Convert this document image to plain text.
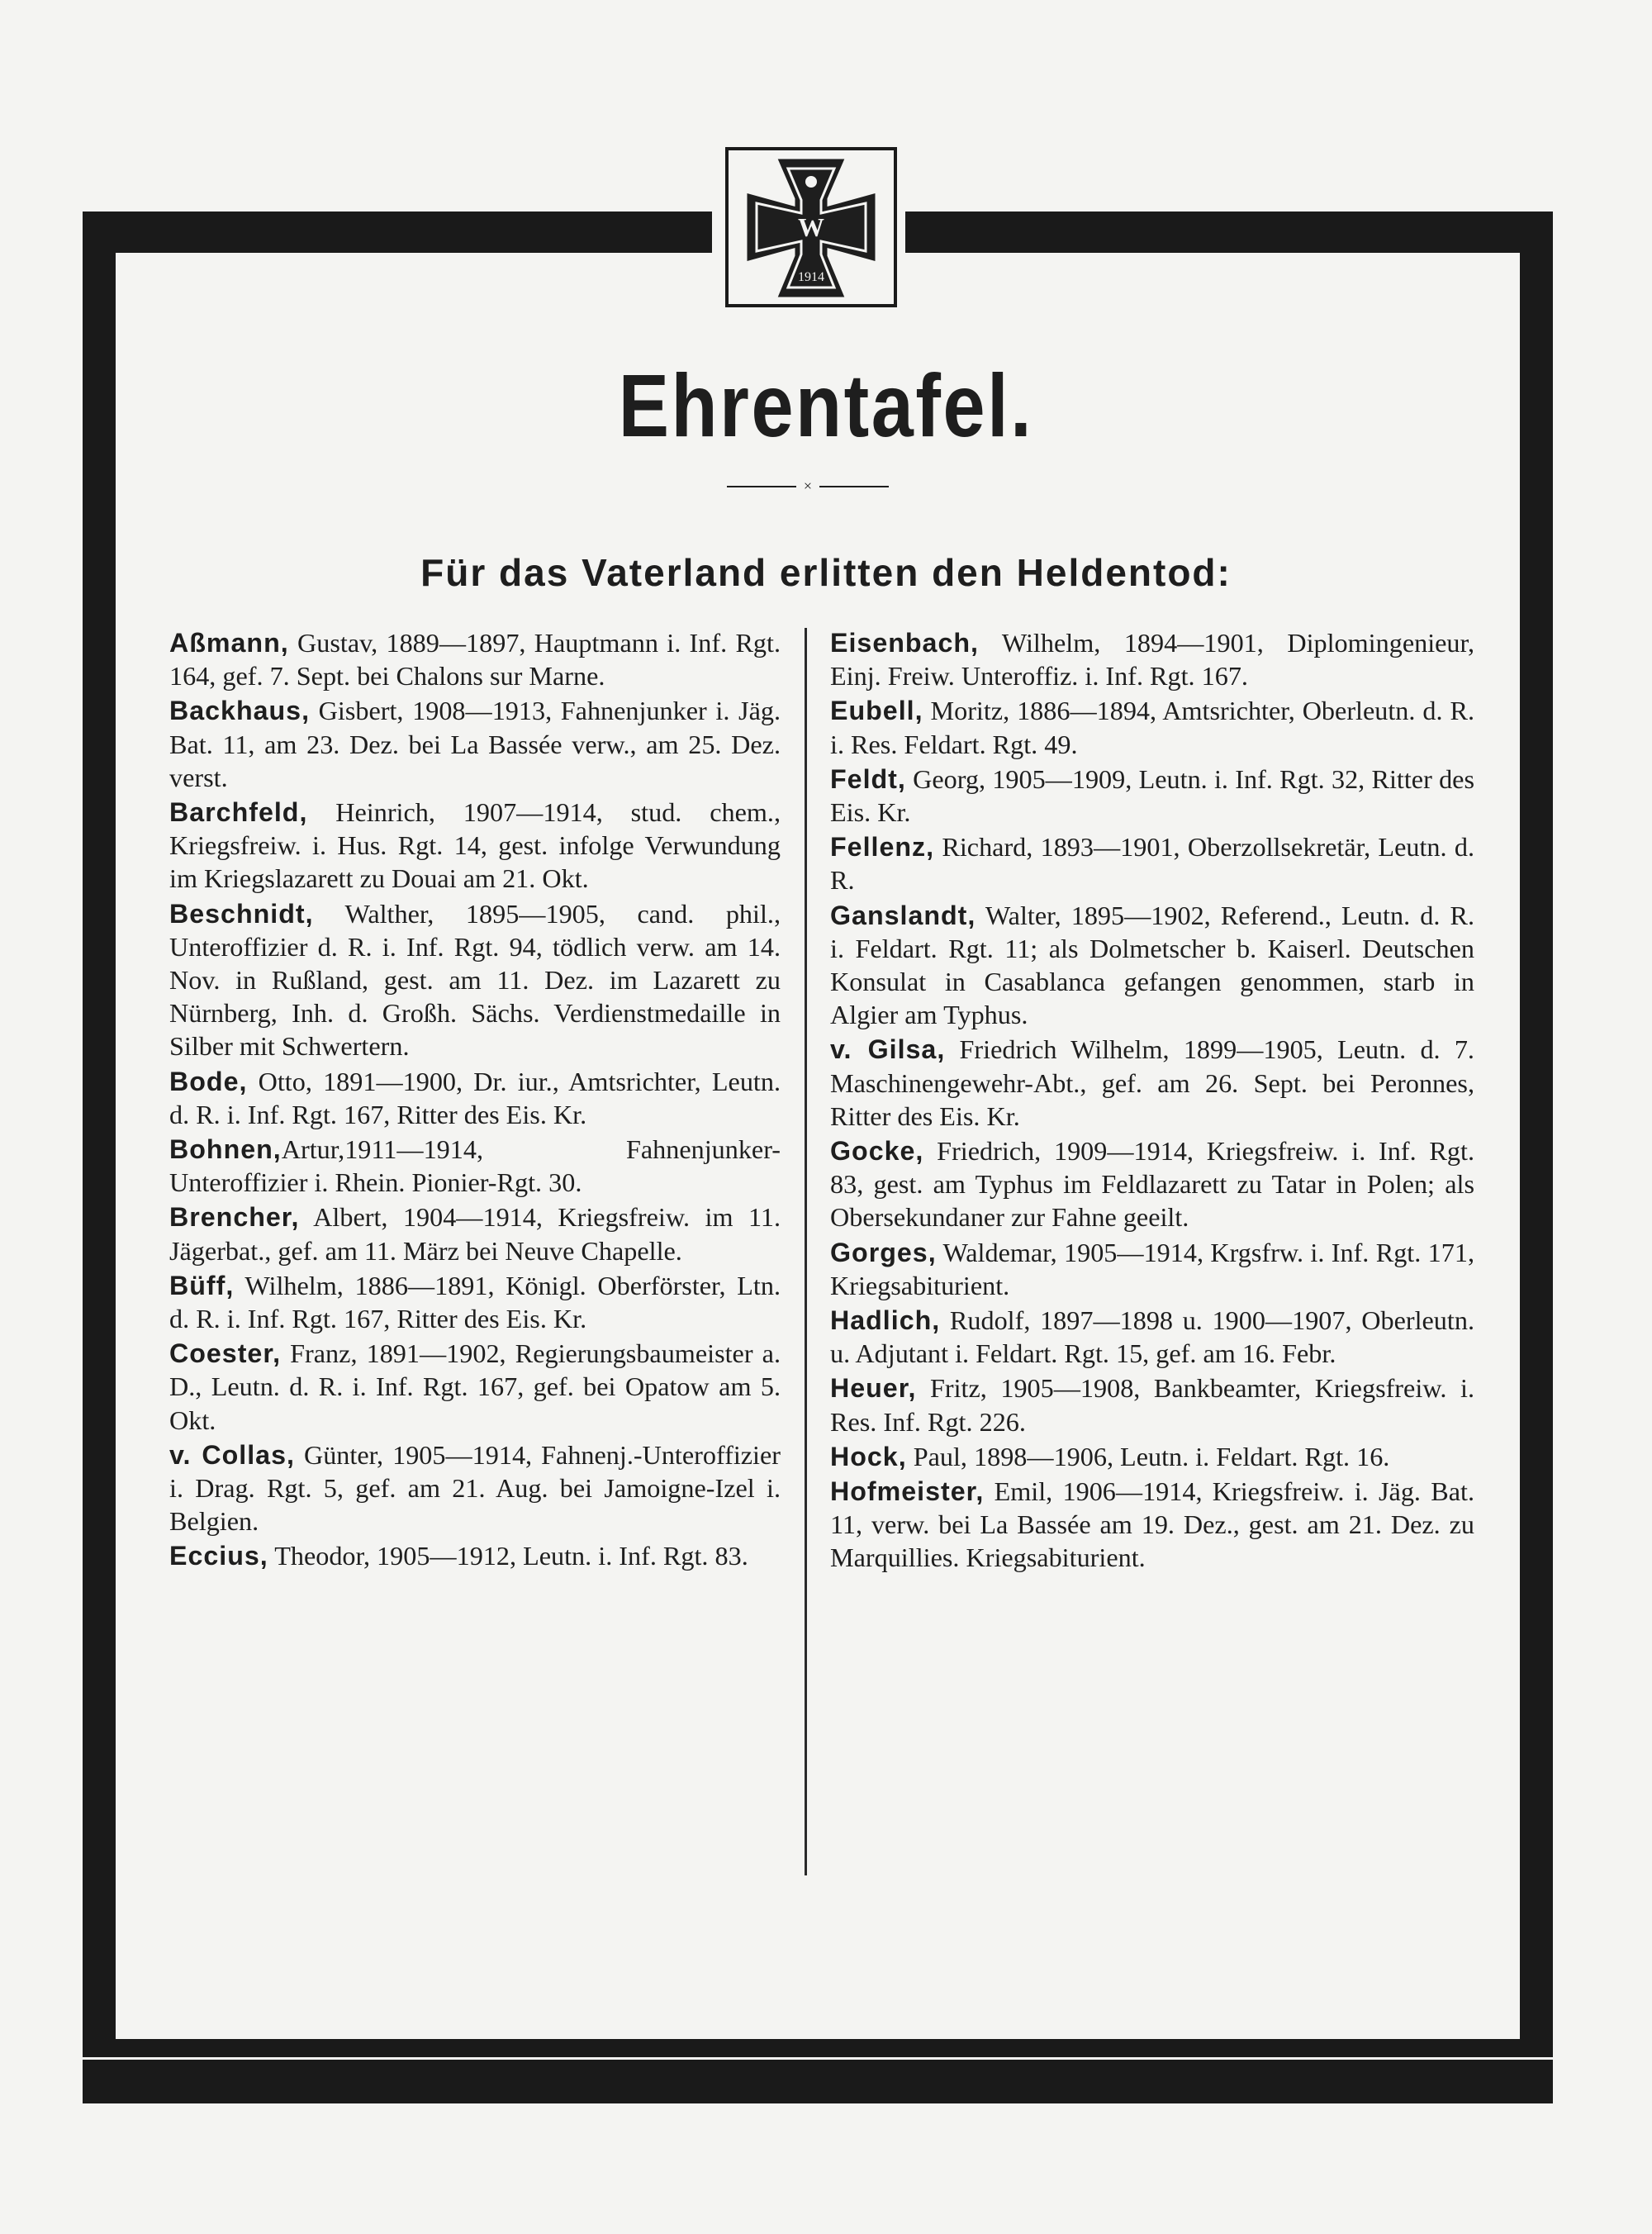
W
1914
Ehrentafel.
×
Für das Vaterland erlitten den Heldentod:

Aßmann, Gustav, 1889—1897, Hauptmann i. Inf. Rgt. 164, gef. 7. Sept. bei Chalons sur Marne.

Backhaus, Gisbert, 1908—1913, Fahnenjunker i. Jäg. Bat. 11, am 23. Dez. bei La Bassée verw., am 25. Dez. verst.

Barchfeld, Heinrich, 1907—1914, stud. chem., Kriegsfreiw. i. Hus. Rgt. 14, gest. infolge Verwundung im Kriegslazarett zu Douai am 21. Okt.

Beschnidt, Walther, 1895—1905, cand. phil., Unteroffizier d. R. i. Inf. Rgt. 94, tödlich verw. am 14. Nov. in Rußland, gest. am 11. Dez. im Lazarett zu Nürnberg, Inh. d. Großh. Sächs. Verdienstmedaille in Silber mit Schwertern.

Bode, Otto, 1891—1900, Dr. iur., Amtsrichter, Leutn. d. R. i. Inf. Rgt. 167, Ritter des Eis. Kr.

Bohnen,Artur,1911—1914, Fahnenjunker-Unteroffizier i. Rhein. Pionier-Rgt. 30.

Brencher, Albert, 1904—1914, Kriegsfreiw. im 11. Jägerbat., gef. am 11. März bei Neuve Chapelle.

Büff, Wilhelm, 1886—1891, Königl. Oberförster, Ltn. d. R. i. Inf. Rgt. 167, Ritter des Eis. Kr.

Coester, Franz, 1891—1902, Regierungsbaumeister a. D., Leutn. d. R. i. Inf. Rgt. 167, gef. bei Opatow am 5. Okt.

v. Collas, Günter, 1905—1914, Fahnenj.-Unteroffizier i. Drag. Rgt. 5, gef. am 21. Aug. bei Jamoigne-Izel i. Belgien.

Eccius, Theodor, 1905—1912, Leutn. i. Inf. Rgt. 83.

Eisenbach, Wilhelm, 1894—1901, Diplomingenieur, Einj. Freiw. Unteroffiz. i. Inf. Rgt. 167.

Eubell, Moritz, 1886—1894, Amtsrichter, Oberleutn. d. R. i. Res. Feldart. Rgt. 49.

Feldt, Georg, 1905—1909, Leutn. i. Inf. Rgt. 32, Ritter des Eis. Kr.

Fellenz, Richard, 1893—1901, Oberzollsekretär, Leutn. d. R.

Ganslandt, Walter, 1895—1902, Referend., Leutn. d. R. i. Feldart. Rgt. 11; als Dolmetscher b. Kaiserl. Deutschen Konsulat in Casablanca gefangen genommen, starb in Algier am Typhus.

v. Gilsa, Friedrich Wilhelm, 1899—1905, Leutn. d. 7. Maschinengewehr-Abt., gef. am 26. Sept. bei Peronnes, Ritter des Eis. Kr.

Gocke, Friedrich, 1909—1914, Kriegsfreiw. i. Inf. Rgt. 83, gest. am Typhus im Feldlazarett zu Tatar in Polen; als Obersekundaner zur Fahne geeilt.

Gorges, Waldemar, 1905—1914, Krgsfrw. i. Inf. Rgt. 171, Kriegsabiturient.

Hadlich, Rudolf, 1897—1898 u. 1900—1907, Oberleutn. u. Adjutant i. Feldart. Rgt. 15, gef. am 16. Febr.

Heuer, Fritz, 1905—1908, Bankbeamter, Kriegsfreiw. i. Res. Inf. Rgt. 226.

Hock, Paul, 1898—1906, Leutn. i. Feldart. Rgt. 16.

Hofmeister, Emil, 1906—1914, Kriegsfreiw. i. Jäg. Bat. 11, verw. bei La Bassée am 19. Dez., gest. am 21. Dez. zu Marquillies. Kriegsabiturient.
